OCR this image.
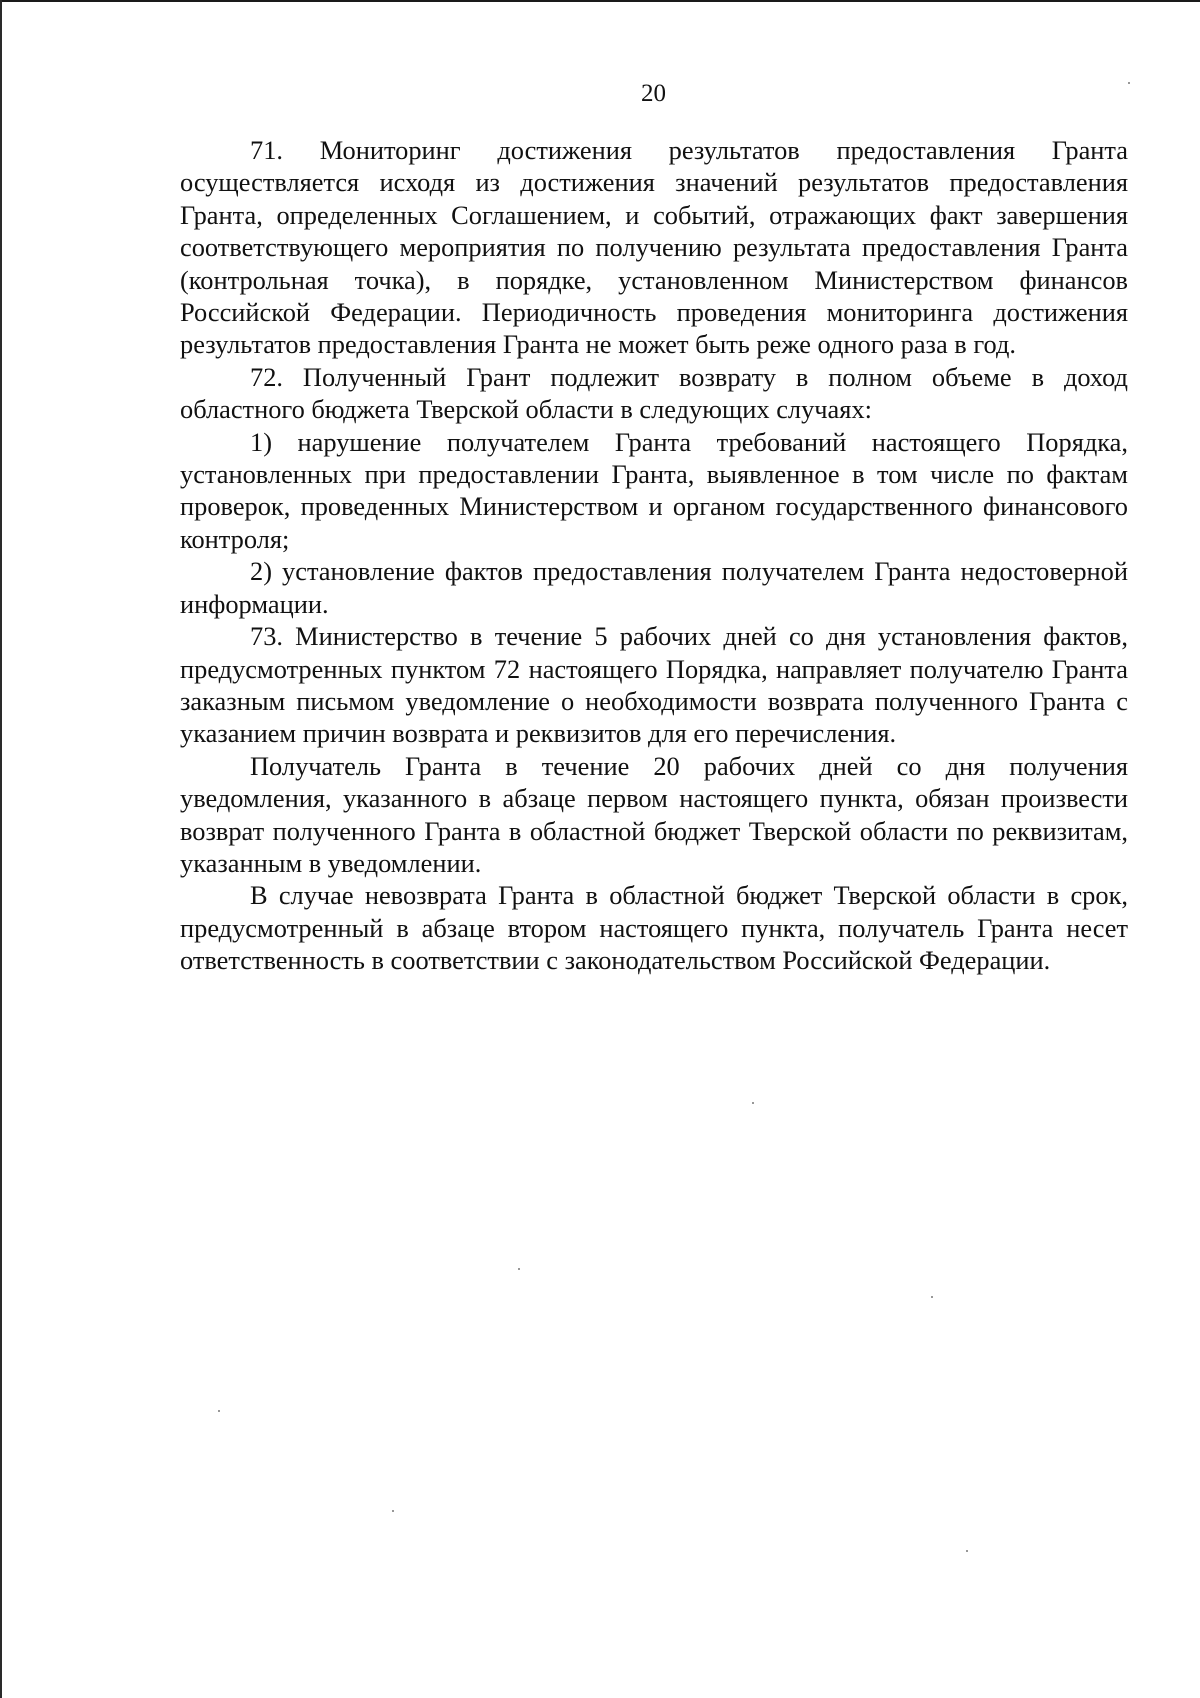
20

71. Мониторинг достижения результатов предоставления Гранта осуществляется исходя из достижения значений результатов предоставления Гранта, определенных Соглашением, и событий, отражающих факт завершения соответствующего мероприятия по получению результата предоставления Гранта (контрольная точка), в порядке, установленном Министерством финансов Российской Федерации. Периодичность проведения мониторинга достижения результатов предоставления Гранта не может быть реже одного раза в год.

72. Полученный Грант подлежит возврату в полном объеме в доход областного бюджета Тверской области в следующих случаях:

1) нарушение получателем Гранта требований настоящего Порядка, установленных при предоставлении Гранта, выявленное в том числе по фактам проверок, проведенных Министерством и органом государственного финансового контроля;

2) установление фактов предоставления получателем Гранта недостоверной информации.

73. Министерство в течение 5 рабочих дней со дня установления фактов, предусмотренных пунктом 72 настоящего Порядка, направляет получателю Гранта заказным письмом уведомление о необходимости возврата полученного Гранта с указанием причин возврата и реквизитов для его перечисления.

Получатель Гранта в течение 20 рабочих дней со дня получения уведомления, указанного в абзаце первом настоящего пункта, обязан произвести возврат полученного Гранта в областной бюджет Тверской области по реквизитам, указанным в уведомлении.

В случае невозврата Гранта в областной бюджет Тверской области в срок, предусмотренный в абзаце втором настоящего пункта, получатель Гранта несет ответственность в соответствии с законодательством Российской Федерации.
